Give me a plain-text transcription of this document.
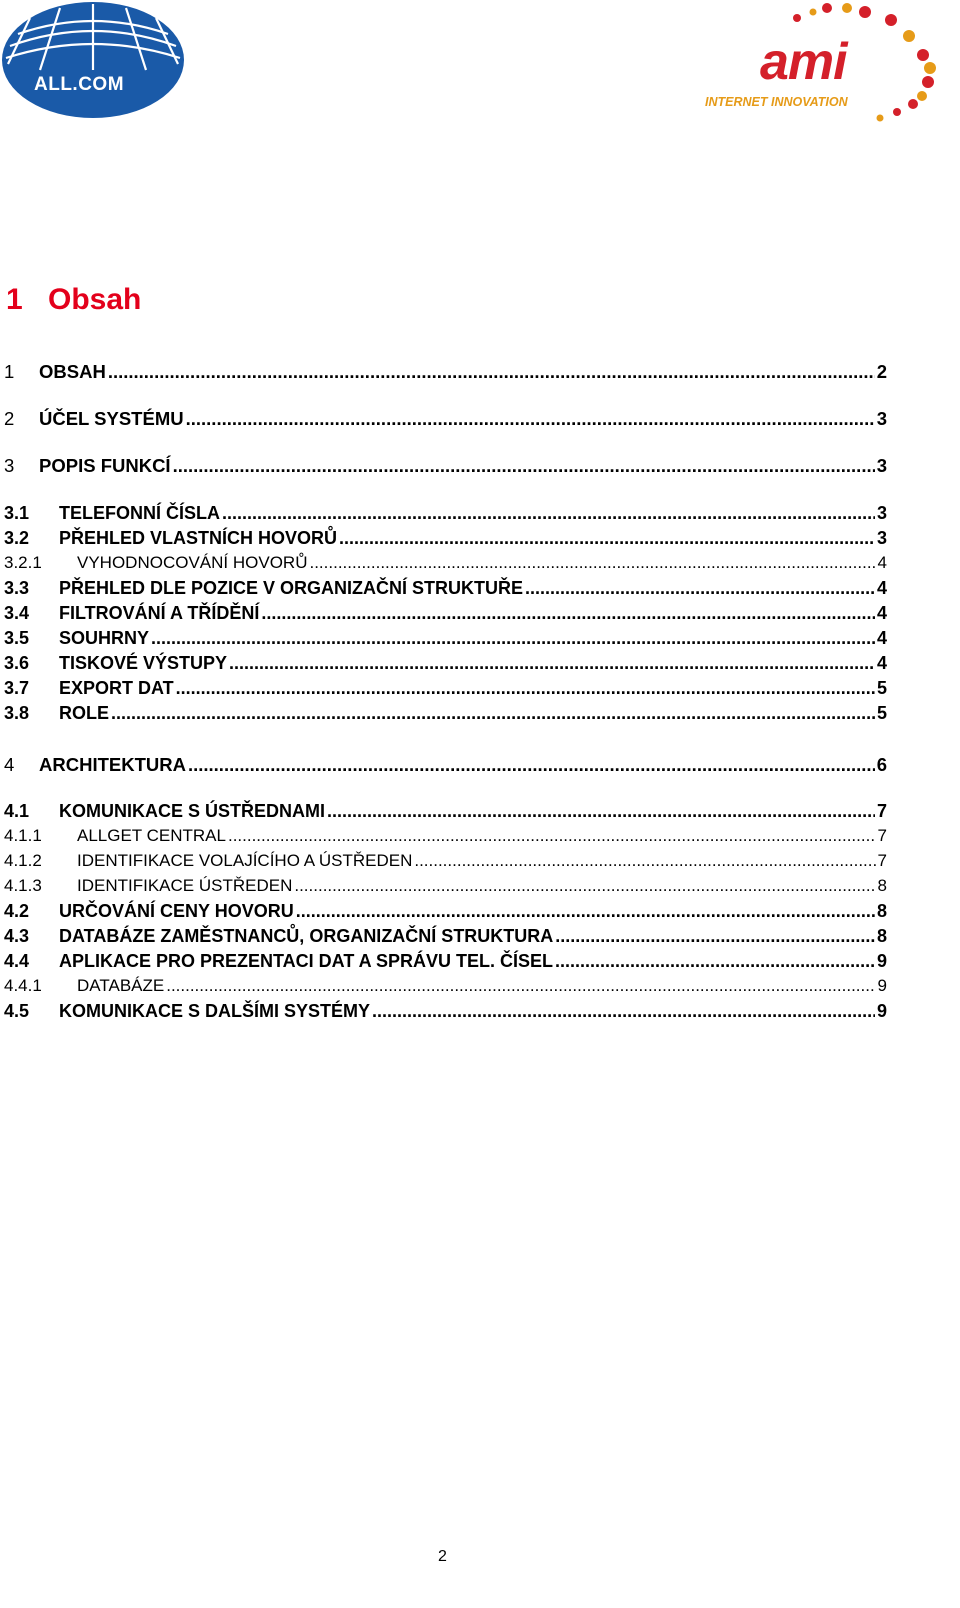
ALL.COM	ami
INTERNET INNOVATION
1 Obsah
1 OBSAH .....	2
2 ÚČEL SYSTÉMU .....	3
3 POPIS FUNKCÍ .....	3
3.1 TELEFONNÍ ČÍSLA .....	3
3.2 PŘEHLED VLASTNÍCH HOVORŮ .....	3
3.2.1 VYHODNOCOVÁNÍ HOVORŮ .....	4
3.3 PŘEHLED DLE POZICE V ORGANIZAČNÍ STRUKTUŘE .....	4
3.4 FILTROVÁNÍ A TŘÍDĚNÍ .....	4
3.5 SOUHRNY .....	4
3.6 TISKOVÉ VÝSTUPY .....	4
3.7 EXPORT DAT .....	5
3.8 ROLE .....	5
4 ARCHITEKTURA .....	6
4.1 KOMUNIKACE S ÚSTŘEDNAMI .....	7
4.1.1 ALLGET CENTRAL .....	7
4.1.2 IDENTIFIKACE VOLAJÍCÍHO A ÚSTŘEDEN .....	7
4.1.3 IDENTIFIKACE ÚSTŘEDEN .....	8
4.2 URČOVÁNÍ CENY HOVORU .....	8
4.3 DATABÁZE ZAMĚSTNANCŮ, ORGANIZAČNÍ STRUKTURA .....	8
4.4 APLIKACE PRO PREZENTACI DAT A SPRÁVU TEL. ČÍSEL .....	9
4.4.1 DATABÁZE .....	9
4.5 KOMUNIKACE S DALŠÍMI SYSTÉMY .....	9
2
